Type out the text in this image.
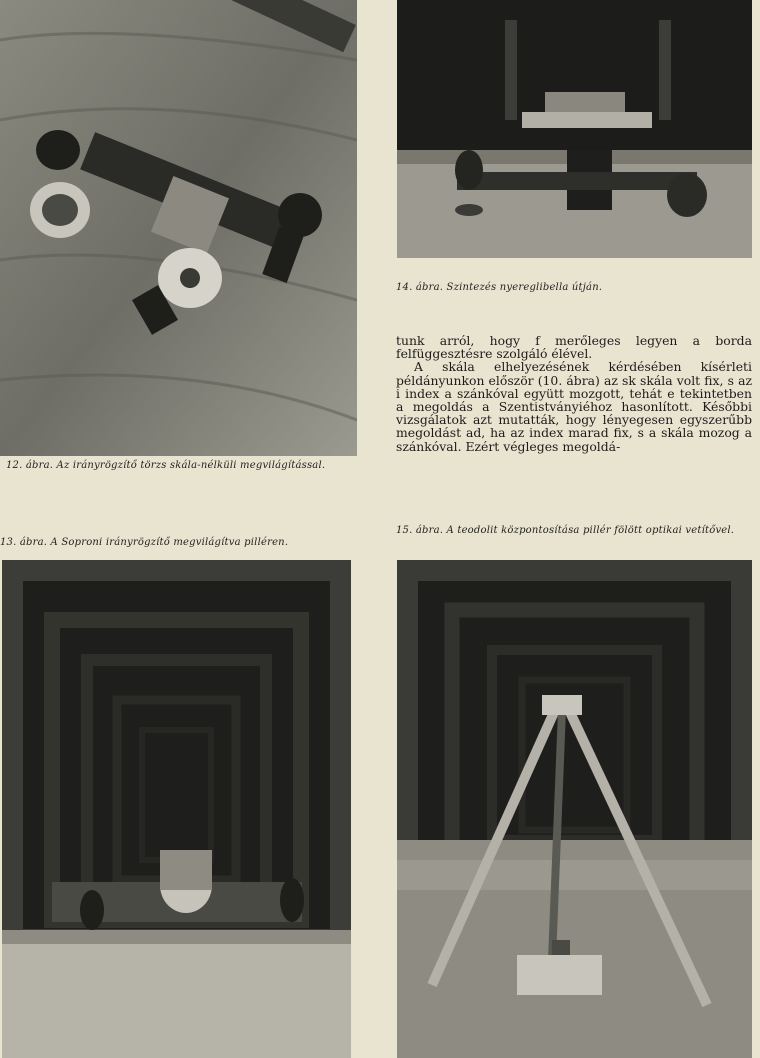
12. ábra. Az irányrögzítő törzs skála-nélküli megvilágítással.
14. ábra. Szintezés nyereglibella útján.

tunk arról, hogy f merőleges legyen a borda felfüggesztésre szolgáló élével.

A skála elhelyezésének kérdésében kísérleti példányunkon először (10. ábra) az sk skála volt fix, s az i index a szánkóval együtt mozgott, tehát e tekintetben a megoldás a Szentistványiéhoz hasonlított. Későbbi vizsgálatok azt mutatták, hogy lényegesen egyszerűbb megoldást ad, ha az index marad fix, s a skála mozog a szánkóval. Ezért végleges megoldá-

13. ábra. A Soproni irányrögzítő megvilágítva pilléren.
15. ábra. A teodolit központosítása pillér fölött optikai vetítővel.
